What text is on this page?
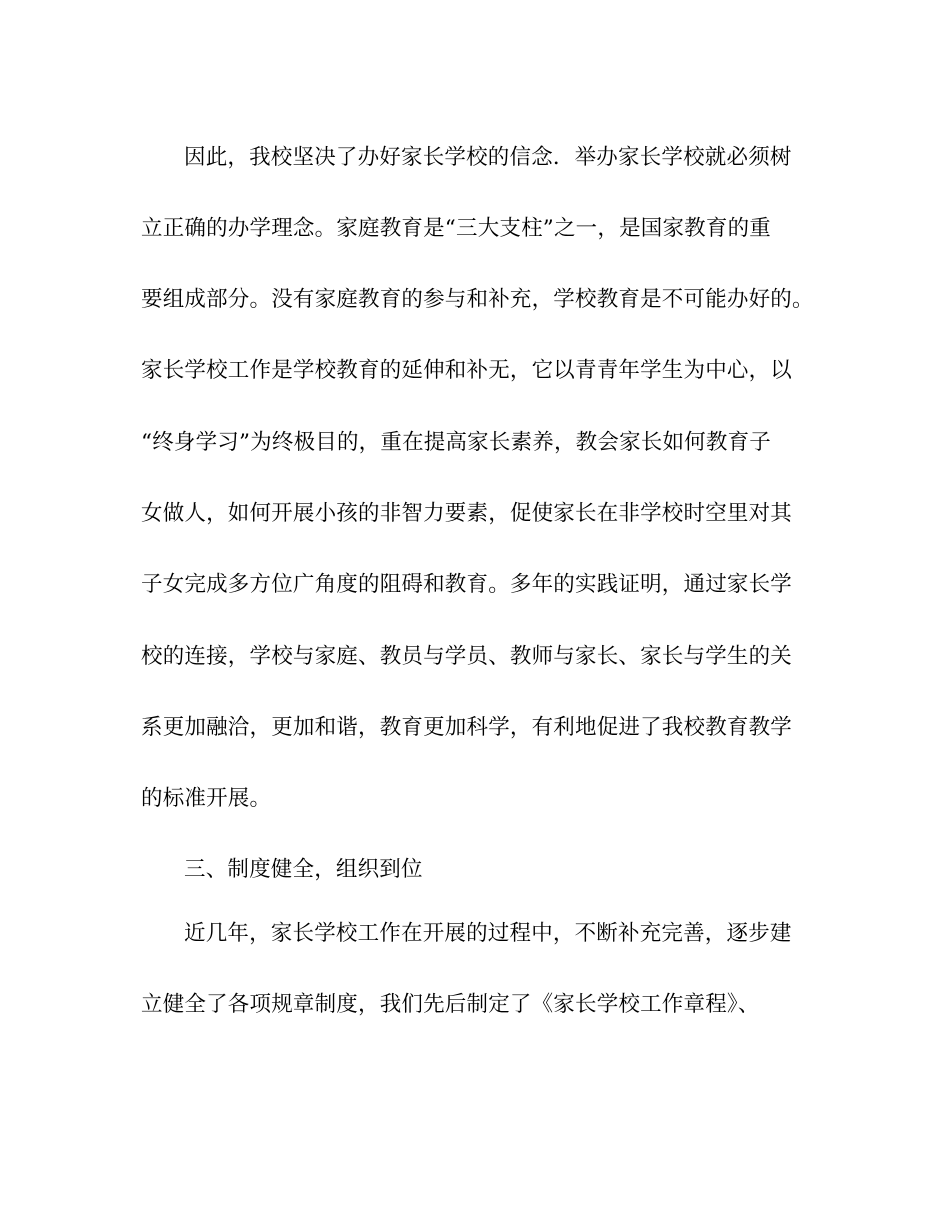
因此，我校坚决了办好家长学校的信念．举办家长学校就必须树
立正确的办学理念。家庭教育是“三大支柱”之一，是国家教育的重
要组成部分。没有家庭教育的参与和补充，学校教育是不可能办好的。
家长学校工作是学校教育的延伸和补无，它以青青年学生为中心，以
“终身学习”为终极目的，重在提高家长素养，教会家长如何教育子
女做人，如何开展小孩的非智力要素，促使家长在非学校时空里对其
子女完成多方位广角度的阻碍和教育。多年的实践证明，通过家长学
校的连接，学校与家庭、教员与学员、教师与家长、家长与学生的关
系更加融洽，更加和谐，教育更加科学，有利地促进了我校教育教学
的标准开展。
三、制度健全，组织到位
近几年，家长学校工作在开展的过程中，不断补充完善，逐步建
立健全了各项规章制度，我们先后制定了《家长学校工作章程》、
